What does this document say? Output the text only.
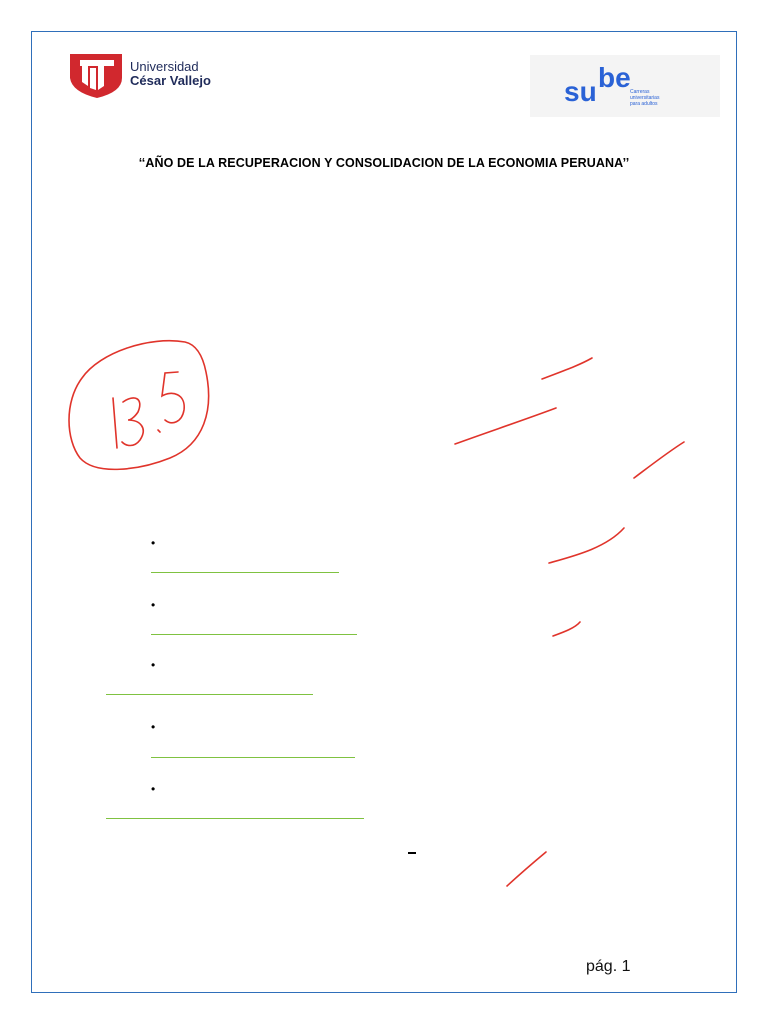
Universidad
César Vallejo	su be Carreras
universitarias
para adultos
‘‘AÑO DE LA RECUPERACION Y CONSOLIDACION DE LA ECONOMIA PERUANA’’
•
•
•
•
•
pág. 1
